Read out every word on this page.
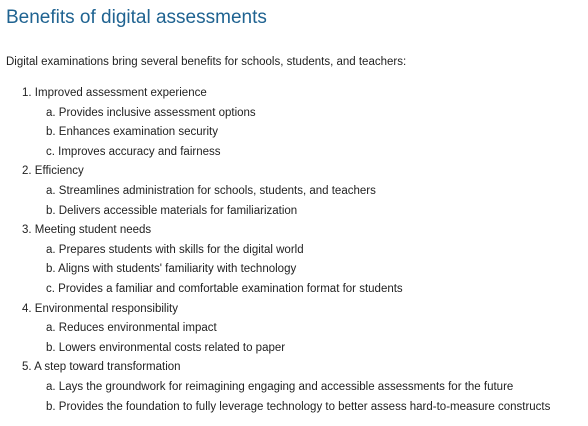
Benefits of digital assessments

Digital examinations bring several benefits for schools, students, and teachers:

1. Improved assessment experience
a. Provides inclusive assessment options
b. Enhances examination security
c. Improves accuracy and fairness
2. Efficiency
a. Streamlines administration for schools, students, and teachers
b. Delivers accessible materials for familiarization
3. Meeting student needs
a. Prepares students with skills for the digital world
b. Aligns with students' familiarity with technology
c. Provides a familiar and comfortable examination format for students
4. Environmental responsibility
a. Reduces environmental impact
b. Lowers environmental costs related to paper
5. A step toward transformation
a. Lays the groundwork for reimagining engaging and accessible assessments for the future
b. Provides the foundation to fully leverage technology to better assess hard-to-measure constructs
